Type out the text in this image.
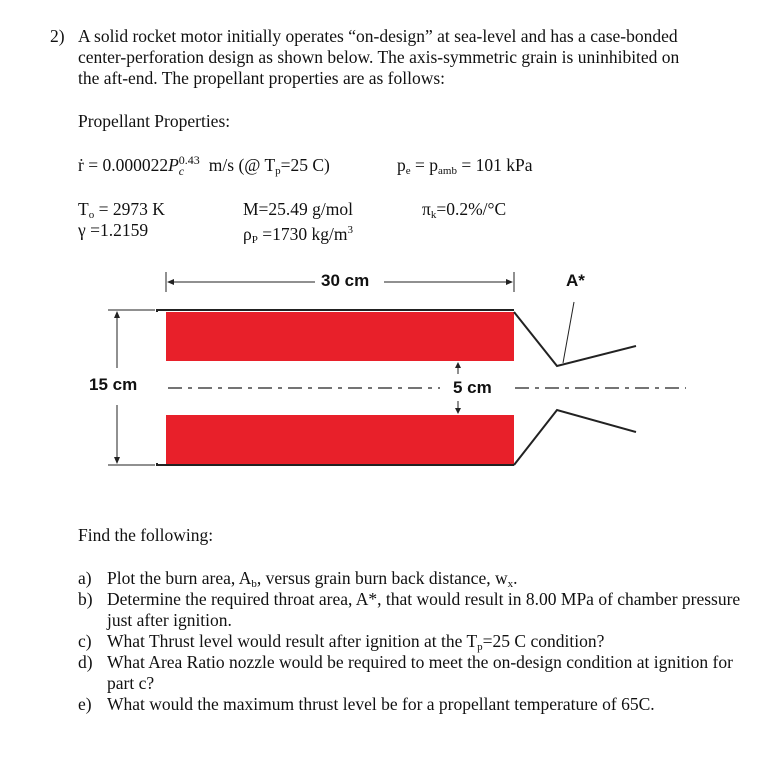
2) A solid rocket motor initially operates “on-design” at sea-level and has a case-bonded
center-perforation design as shown below. The axis-symmetric grain is uninhibited on
the aft-end. The propellant properties are as follows:
Propellant Properties:
ṙ = 0.000022P 0.43
c m/s (@ $T_p=25$ C)	$p_e = p_{amb} = 101$ kPa
$T_o = 2973$ K
γ =1.2159
M=25.49 g/mol
$\rho_P =1730$ $kg/m^3$
$\pi_k=0.2\%/^\circ C$
30 cm
15 cm	5 cm
A*
Find the following:
a) Plot the burn area, $A_b$, versus grain burn back distance, $w_x$.
b) Determine the required throat area, A*, that would result in 8.00 MPa of chamber pressure just after ignition.
c) What Thrust level would result after ignition at the $T_p=25$ C condition?
d) What Area Ratio nozzle would be required to meet the on-design condition at ignition for part c?
e) What would the maximum thrust level be for a propellant temperature of 65C.
